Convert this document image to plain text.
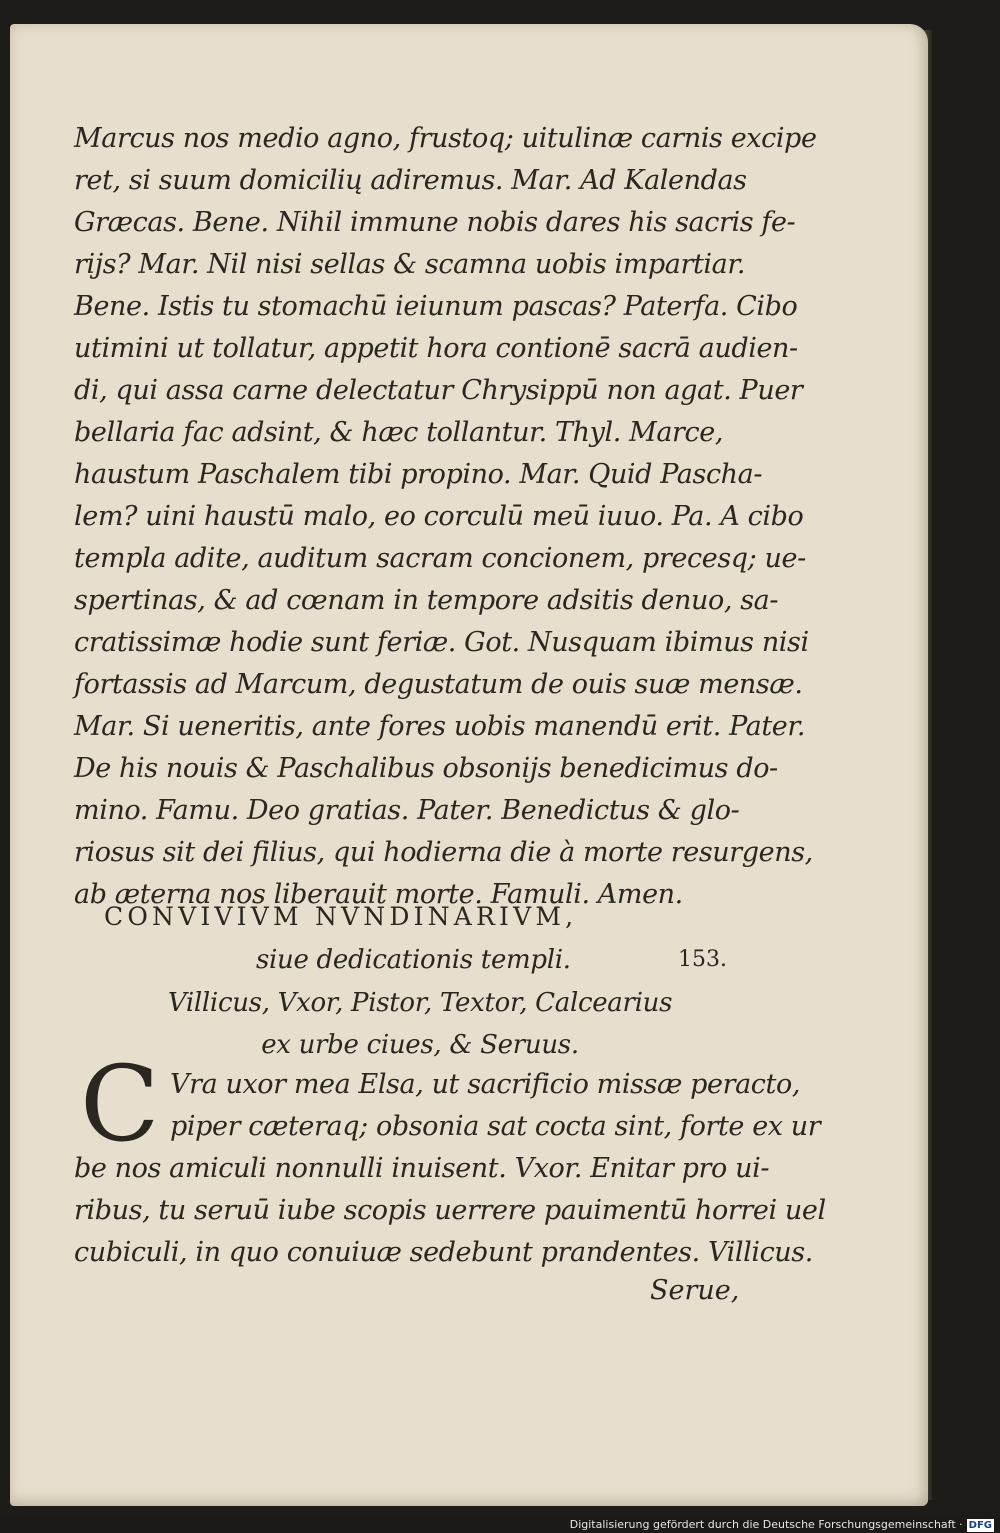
Marcus nos medio agno, frustoq; uitulinæ carnis excipe
ret, si suum domicilių adiremus. Mar. Ad Kalendas
Græcas. Bene. Nihil immune nobis dares his sacris fe-
rijs? Mar. Nil nisi sellas & scamna uobis impartiar.
Bene. Istis tu stomachū ieiunum pascas? Paterfa. Cibo
utimini ut tollatur, appetit hora contionē sacrā audien-
di, qui assa carne delectatur Chrysippū non agat. Puer
bellaria fac adsint, & hæc tollantur. Thyl. Marce,
haustum Paschalem tibi propino. Mar. Quid Pascha-
lem? uini haustū malo, eo corculū meū iuuo. Pa. A cibo
templa adite, auditum sacram concionem, precesq; ue-
spertinas, & ad cœnam in tempore adsitis denuo, sa-
cratissimæ hodie sunt feriæ. Got. Nusquam ibimus nisi
fortassis ad Marcum, degustatum de ouis suæ mensæ.
Mar. Si ueneritis, ante fores uobis manendū erit. Pater.
De his nouis & Paschalibus obsonijs benedicimus do-
mino. Famu. Deo gratias. Pater. Benedictus & glo-
riosus sit dei filius, qui hodierna die à morte resurgens,
ab æterna nos liberauit morte. Famuli. Amen.
CONVIVIVM NVNDINARIVM,
siue dedicationis templi.	153.
Villicus, Vxor, Pistor, Textor, Calcearius
ex urbe ciues, & Seruus.
C Vra uxor mea Elsa, ut sacrificio missæ peracto,
piper cæteraq; obsonia sat cocta sint, forte ex ur
be nos amiculi nonnulli inuisent. Vxor. Enitar pro ui-
ribus, tu seruū iube scopis uerrere pauimentū horrei uel
cubiculi, in quo conuiuæ sedebunt prandentes. Villicus.
Serue,
Digitalisierung gefördert durch die Deutsche Forschungsgemeinschaft · DFG
